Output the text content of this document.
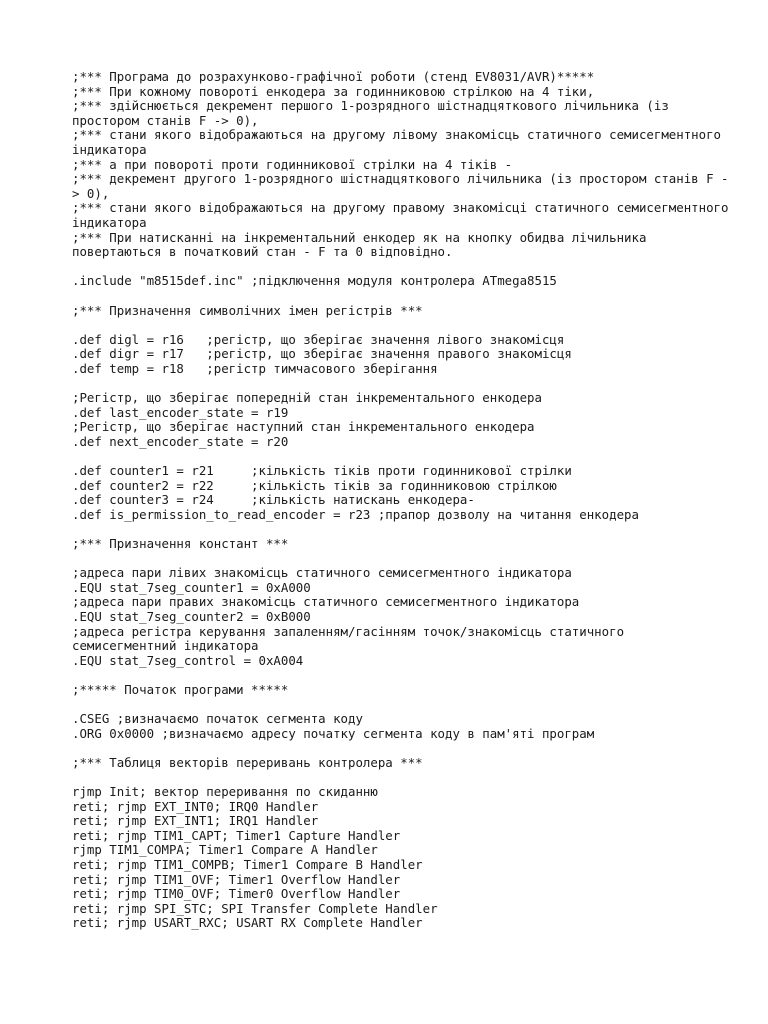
;*** Програма до розрахунково-графічної роботи (стенд EV8031/AVR)*****
;*** При кожному повороті енкодера за годинниковою стрілкою на 4 тіки,
;*** здійснюється декремент першого 1-розрядного шістнадцяткового лічильника (із простором станів F -> 0),
;*** стани якого відображаються на другому лівому знакомісць статичного семисегментного індикатора
;*** а при повороті проти годинникової стрілки на 4 тіків -
;*** декремент другого 1-розрядного шістнадцяткового лічильника (із простором станів F -> 0),
;*** стани якого відображаються на другому правому знакомісці статичного семисегментного індикатора
;*** При натисканні на інкрементальний енкодер як на кнопку обидва лічильника повертаються в початковий стан - F та 0 відповідно.
.include "m8515def.inc" ;підключення модуля контролера ATmega8515
;*** Призначення символічних імен регістрів ***
.def digl = r16   ;регістр, що зберігає значення лівого знакомісця
.def digr = r17   ;регістр, що зберігає значення правого знакомісця
.def temp = r18   ;регістр тимчасового зберігання
;Регістр, що зберігає попередній стан інкрементального енкодера
.def last_encoder_state = r19
;Регістр, що зберігає наступний стан інкрементального енкодера
.def next_encoder_state = r20
.def counter1 = r21     ;кількість тіків проти годинникової стрілки
.def counter2 = r22     ;кількість тіків за годинниковою стрілкою
.def counter3 = r24     ;кількість натискань енкодера-
.def is_permission_to_read_encoder = r23 ;прапор дозволу на читання енкодера
;*** Призначення констант ***
;адреса пари лівих знакомісць статичного семисегментного індикатора
.EQU stat_7seg_counter1 = 0xA000
;адреса пари правих знакомісць статичного семисегментного індикатора
.EQU stat_7seg_counter2 = 0xB000
;адреса регістра керування запаленням/гасінням точок/знакомісць статичного семисегментний індикатора
.EQU stat_7seg_control = 0xA004
;***** Початок програми *****
.CSEG ;визначаємо початок сегмента коду
.ORG 0x0000 ;визначаємо адресу початку сегмента коду в пам'яті програм
;*** Таблиця векторів переривань контролера ***
rjmp Init; вектор переривання по скиданню
reti; rjmp EXT_INT0; IRQ0 Handler
reti; rjmp EXT_INT1; IRQ1 Handler
reti; rjmp TIM1_CAPT; Timer1 Capture Handler
rjmp TIM1_COMPA; Timer1 Compare A Handler
reti; rjmp TIM1_COMPB; Timer1 Compare B Handler
reti; rjmp TIM1_OVF; Timer1 Overflow Handler
reti; rjmp TIM0_OVF; Timer0 Overflow Handler
reti; rjmp SPI_STC; SPI Transfer Complete Handler
reti; rjmp USART_RXC; USART RX Complete Handler
